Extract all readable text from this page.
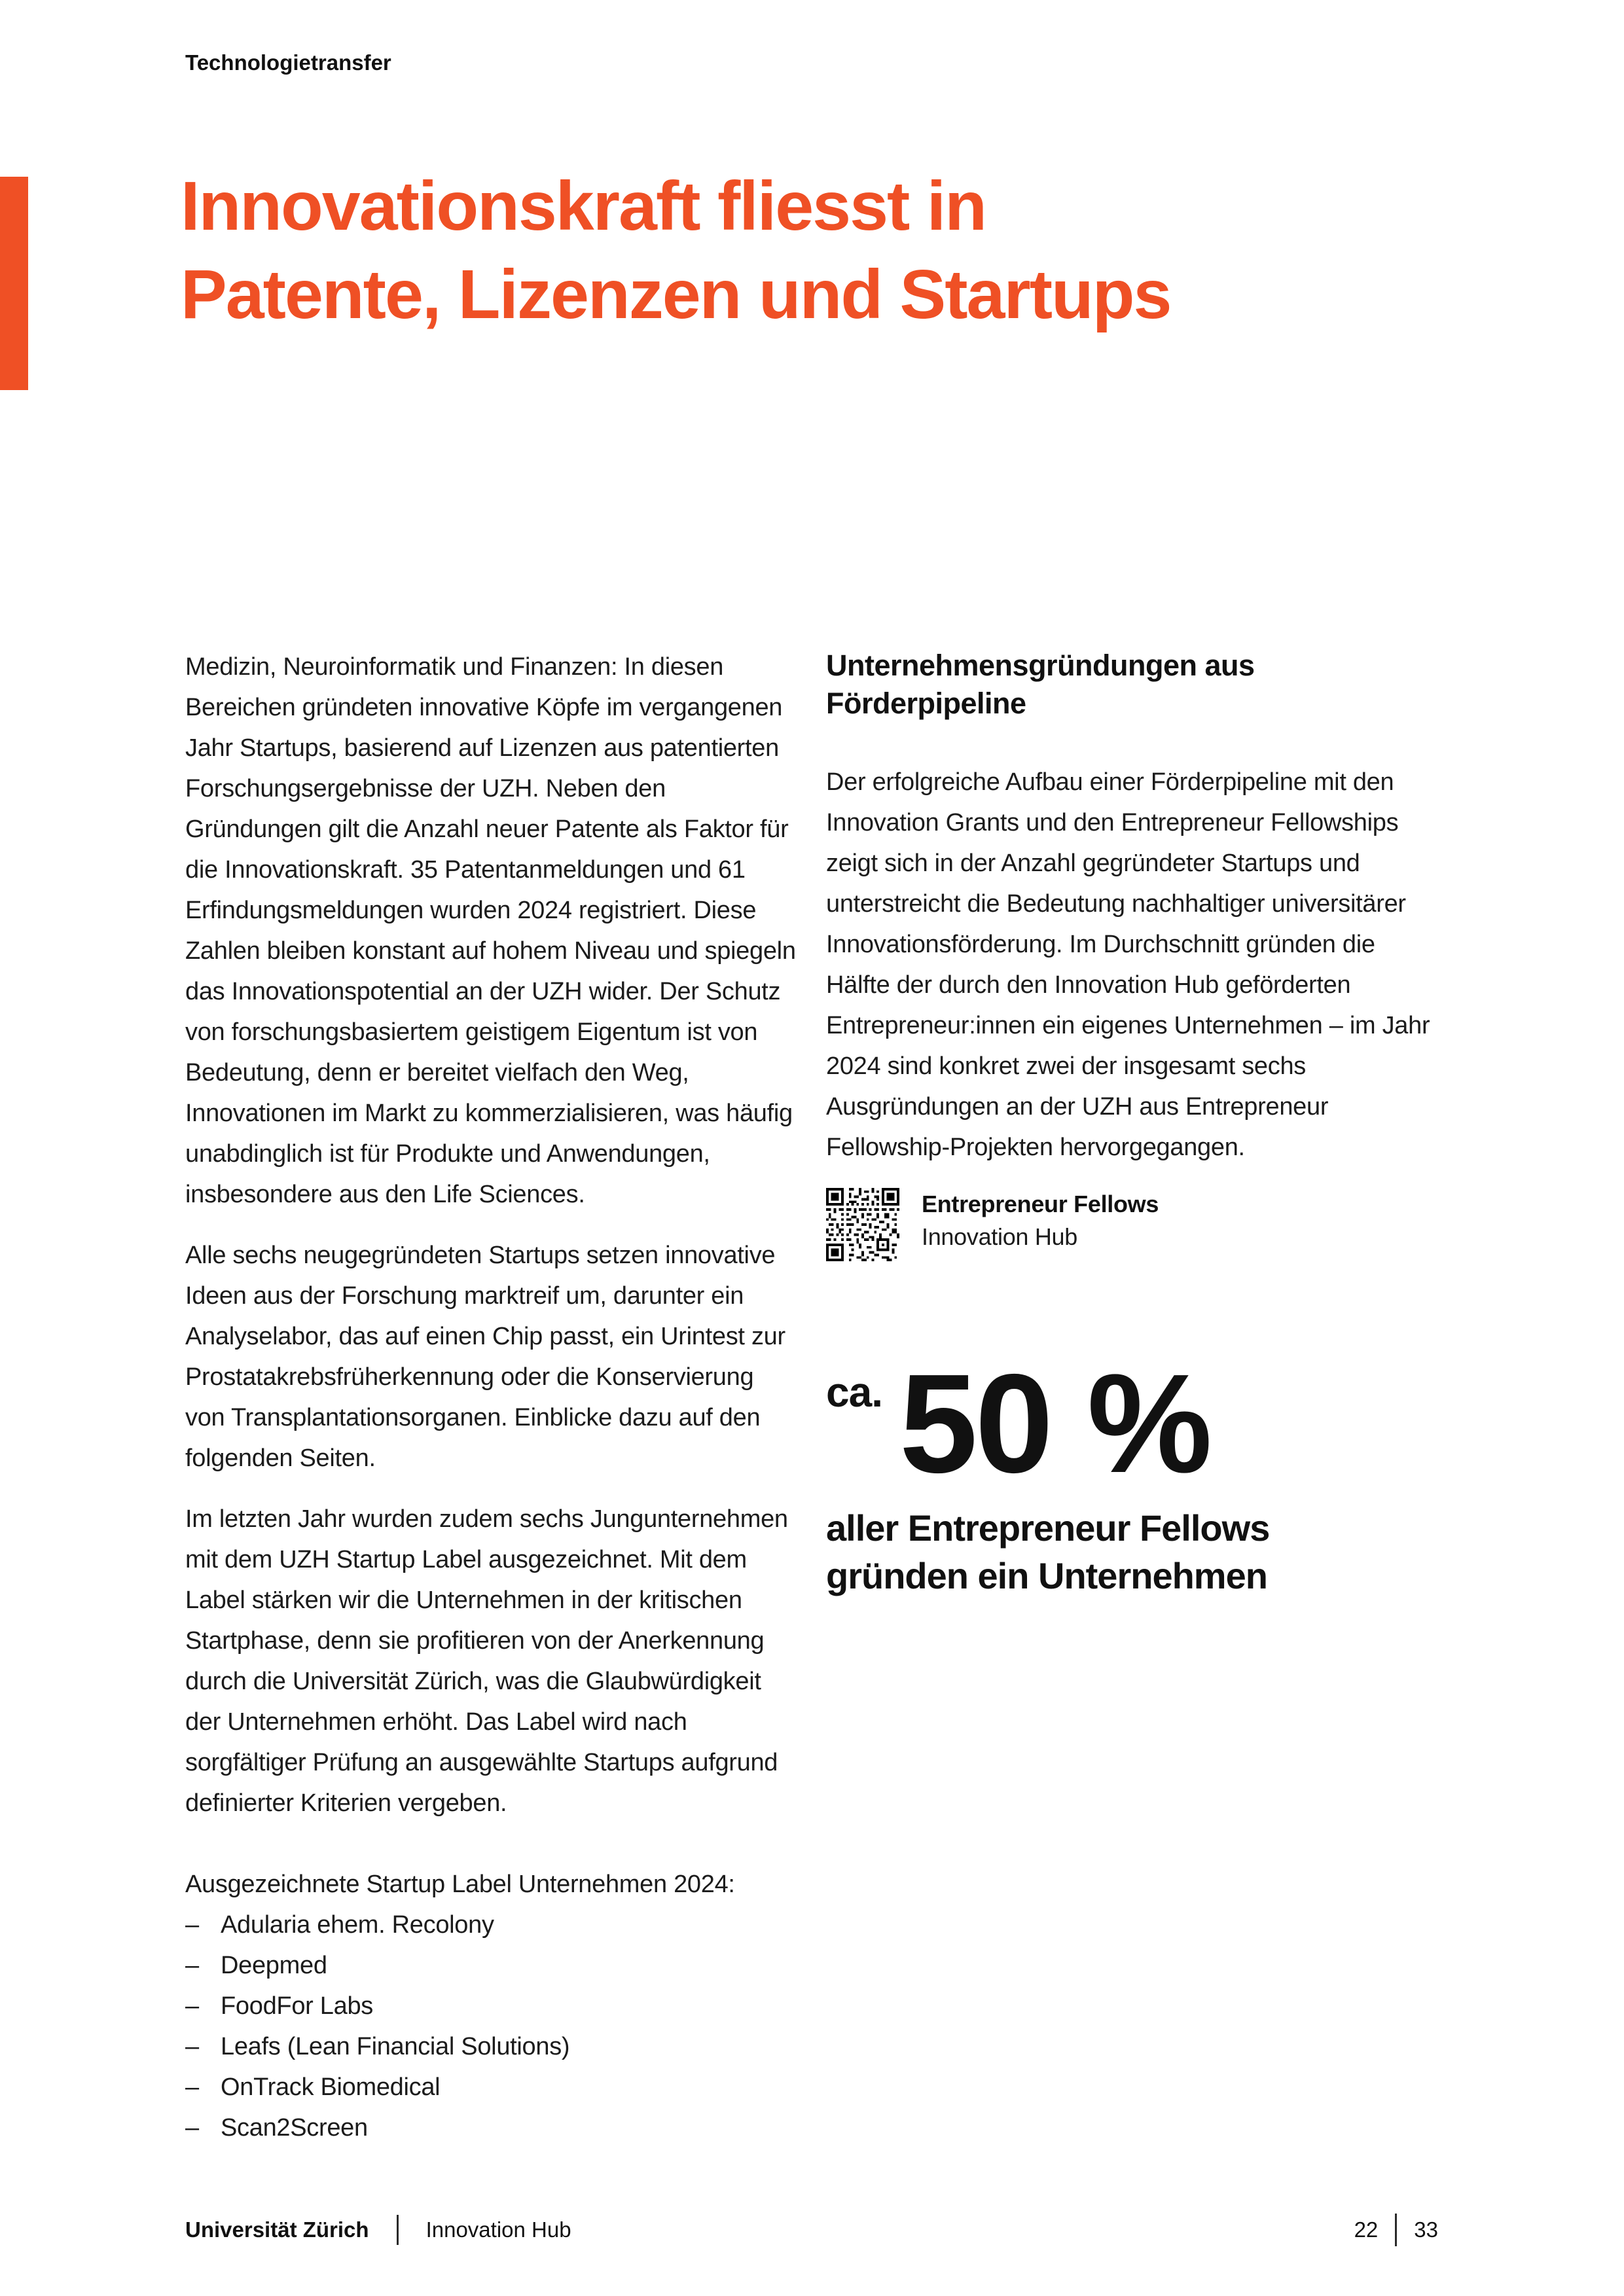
Technologietransfer
Innovationskraft fliesst in
Patente, Lizenzen und Startups

Medizin, Neuroinformatik und Finanzen: In diesen Bereichen gründeten innovative Köpfe im vergangenen Jahr Startups, basierend auf Lizenzen aus patentierten Forschungsergebnisse der UZH. Neben den Gründungen gilt die Anzahl neuer Patente als Faktor für die Innovationskraft. 35 Patentanmeldungen und 61 Erfindungsmeldungen wurden 2024 registriert. Diese Zahlen bleiben konstant auf hohem Niveau und spiegeln das Innovationspotential an der UZH wider. Der Schutz von forschungsbasiertem geistigem Eigentum ist von Bedeutung, denn er bereitet vielfach den Weg, Innovationen im Markt zu kommerzialisieren, was häufig unabdinglich ist für Produkte und Anwendungen, insbesondere aus den Life Sciences.

Alle sechs neugegründeten Startups setzen innovative Ideen aus der Forschung marktreif um, darunter ein Analyselabor, das auf einen Chip passt, ein Urintest zur Prostatakrebsfrüherkennung oder die Konservierung von Transplantationsorganen. Einblicke dazu auf den folgenden Seiten.

Im letzten Jahr wurden zudem sechs Jungunternehmen mit dem UZH Startup Label ausgezeichnet. Mit dem Label stärken wir die Unternehmen in der kritischen Startphase, denn sie profitieren von der Anerkennung durch die Universität Zürich, was die Glaubwürdigkeit der Unternehmen erhöht. Das Label wird nach sorgfältiger Prüfung an ausgewählte Startups aufgrund definierter Kriterien vergeben.

Ausgezeichnete Startup Label Unternehmen 2024:

– Adularia ehem. Recolony
– Deepmed
– FoodFor Labs
– Leafs (Lean Financial Solutions)
– OnTrack Biomedical
– Scan2Screen
Unternehmensgründungen aus Förderpipeline

Der erfolgreiche Aufbau einer Förderpipeline mit den Innovation Grants und den Entrepreneur Fellowships zeigt sich in der Anzahl gegründeter Startups und unterstreicht die Bedeutung nachhaltiger universitärer Innovationsförderung. Im Durchschnitt gründen die Hälfte der durch den Innovation Hub geförderten Entrepreneur:innen ein eigenes Unternehmen – im Jahr 2024 sind konkret zwei der insgesamt sechs Ausgründungen an der UZH aus Entrepreneur Fellowship-Projekten hervorgegangen.

Entrepreneur Fellows
Innovation Hub
ca. 50 %
aller Entrepreneur Fellows
gründen ein Unternehmen
Universität Zürich	Innovation Hub	22 33
